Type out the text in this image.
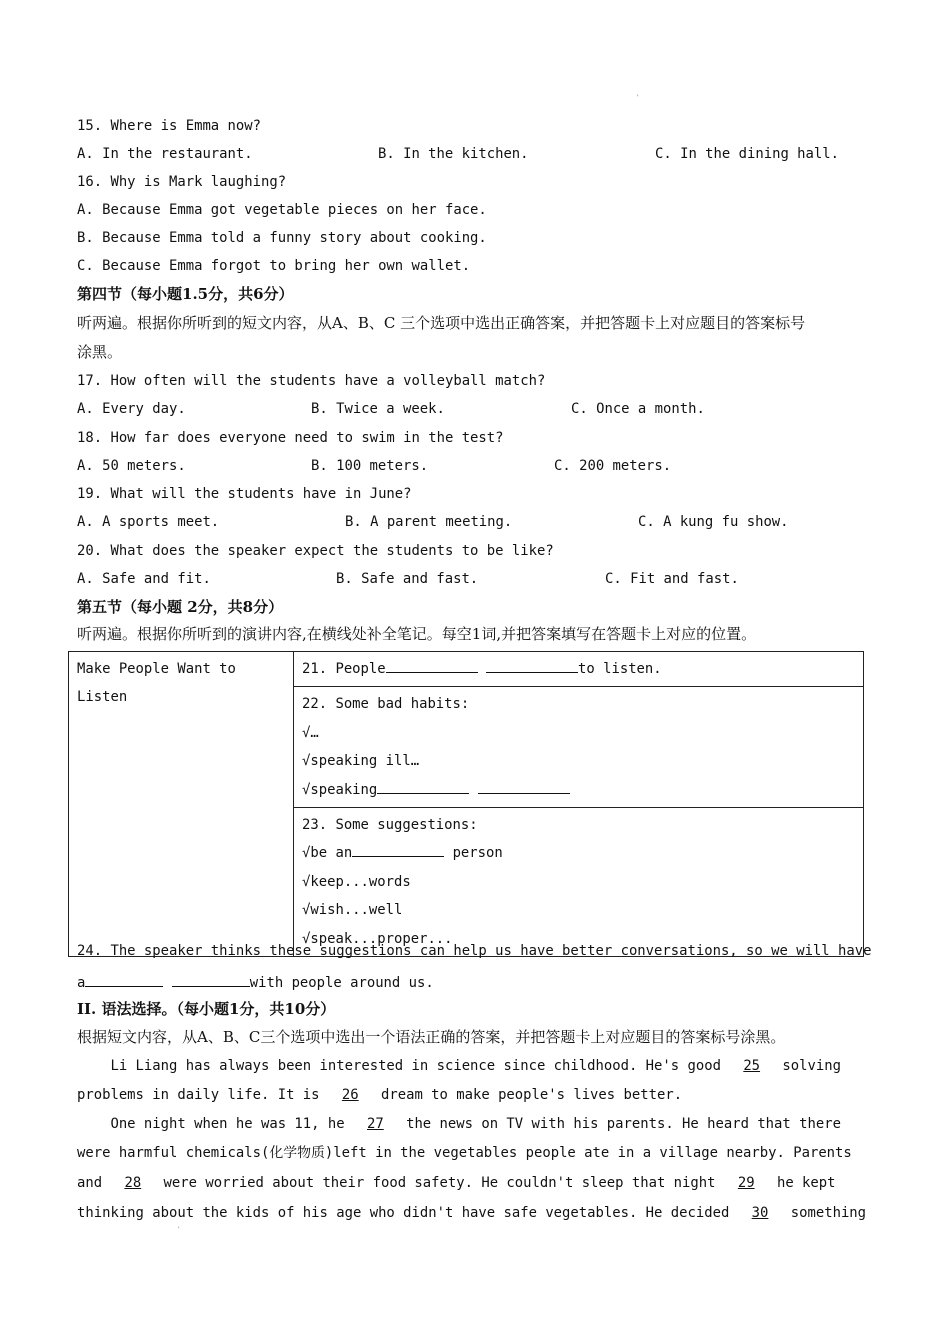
'
15. Where is Emma now?
A. In the restaurant.	B. In the kitchen.	C. In the dining hall.
16. Why is Mark laughing?
A. Because Emma got vegetable pieces on her face.
B. Because Emma told a funny story about cooking.
C. Because Emma forgot to bring her own wallet.
第四节（每小题1.5分，共6分）
听两遍。根据你所听到的短文内容，从A、B、C 三个选项中选出正确答案，并把答题卡上对应题目的答案标号
涂黑。
17. How often will the students have a volleyball match?
A. Every day.	B. Twice a week.	C. Once a month.
18. How far does everyone need to swim in the test?
A. 50 meters.	B. 100 meters.	C. 200 meters.
19. What will the students have in June?
A. A sports meet.	B. A parent meeting.	C. A kung fu show.
20. What does the speaker expect the students to be like?
A. Safe and fit.	B. Safe and fast.	C. Fit and fast.
第五节（每小题 2分，共8分）
听两遍。根据你所听到的演讲内容,在横线处补全笔记。每空1词,并把答案填写在答题卡上对应的位置。
Make People Want to
Listen
	21. People	to listen.

22. Some bad habits:
√…
√speaking ill…
√speaking

23. Some suggestions:
√be an	person
√keep...words
√wish...well
√speak...proper...
24. The speaker thinks these suggestions can help us have better conversations, so we will have
a	with people around us.
II. 语法选择。（每小题1分，共10分）
根据短文内容，从A、B、C三个选项中选出一个语法正确的答案，并把答题卡上对应题目的答案标号涂黑。
Li Liang has always been interested in science since childhood. He's good 25 solving
problems in daily life. It is 26 dream to make people's lives better.
One night when he was 11, he 27 the news on TV with his parents. He heard that there
were harmful chemicals(化学物质)left in the vegetables people ate in a village nearby. Parents
and 28 were worried about their food safety. He couldn't sleep that night 29 he kept
thinking about the kids of his age who didn't have safe vegetables. He decided 30 something
'
